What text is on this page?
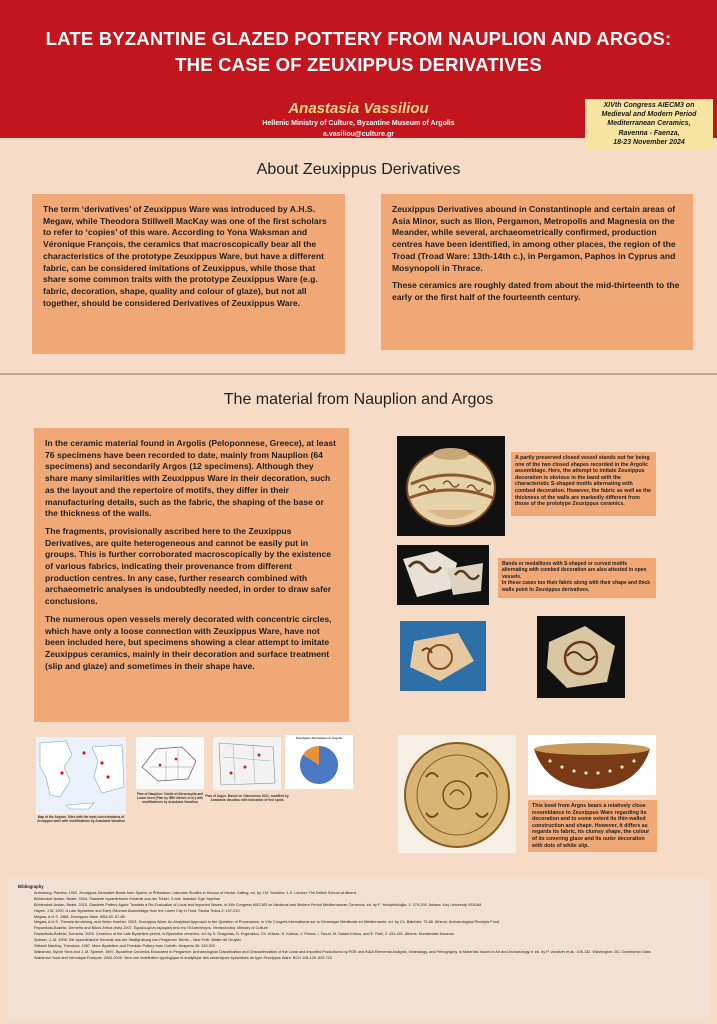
LATE BYZANTINE GLAZED POTTERY FROM NAUPLION AND ARGOS:
THE CASE OF ZEUXIPPUS DERIVATIVES
Anastasia Vassiliou
Hellenic Ministry of Culture, Byzantine Museum of Argolis
a.vasiliou@culture.gr
XIVth Congress AIECM3 on
Medieval and Modern Period
Mediterranean Ceramics,
Ravenna - Faenza,
18-23 November 2024
About Zeuxippus Derivatives

The term ‘derivatives’ of Zeuxippus Ware was introduced by A.H.S. Megaw, while Theodora Stillwell MacKay was one of the first scholars to refer to ‘copies’ of this ware. According to Yona Waksman and Véronique François, the ceramics that macroscopically bear all the characteristics of the prototype Zeuxippus Ware, but have a different fabric, can be considered imitations of Zeuxippus, while those that share some common traits with the prototype Zeuxippus Ware (e.g. fabric, decoration, shape, quality and colour of glaze), but not all together, should be considered Derivatives of Zeuxippus Ware.

Zeuxippus Derivatives abound in Constantinople and certain areas of Asia Minor, such as Ilion, Pergamon, Metropolis and Magnesia on the Meander, while several, archaeometrically confirmed, production centres have been identified, in among other places, the region of the Troad (Troad Ware: 13th-14th c.), in Pergamon, Paphos in Cyprus and Mosynopoli in Thrace.

These ceramics are roughly dated from about the mid-thirteenth to the early or the first half of the fourteenth century.

The material from Nauplion and Argos

In the ceramic material found in Argolis (Peloponnese, Greece), at least 76 specimens have been recorded to date, mainly from Nauplion (64 specimens) and secondarily Argos (12 specimens). Although they share many similarities with Zeuxippus Ware in their decoration, such as the layout and the repertoire of motifs, they differ in their manufacturing details, such as the fabric, the shaping of the base or the thickness of the walls.

The fragments, provisionally ascribed here to the Zeuxippus Derivatives, are quite heterogeneous and cannot be easily put in groups. This is further corroborated macroscopically by the existence of various fabrics, indicating their provenance from different production centres. In any case, further research combined with archaeometric analyses is undoubtedly needed, in order to draw safer conclusions.

The numerous open vessels merely decorated with concentric circles, which have only a loose connection with Zeuxippus Ware, have not been included here, but specimens showing a clear attempt to imitate Zeuxippus ceramics, mainly in their decoration and surface treatment (slip and glaze) and sometimes in their shape have.

A partly preserved closed vessel stands out for being one of the two closed shapes recorded in the Argolic assemblage. Here, the attempt to imitate Zeuxippus decoration is obvious in the band with the characteristic S-shaped motifs alternating with combed decoration. However, the fabric as well as the thickness of the walls are markedly different from those of the prototype Zeuxippus ceramics.
Bands or medallions with S-shaped or curved motifs alternating with combed decoration are also attested in open vessels.
In these cases too their fabric along with their shape and thick walls point to Zeuxippus derivatives.
Map of the Aegean. Sites with the main concentrations of Zeuxippus ware with modifications by Anastasia Vassiliou
Plan of Nauplion: Castle of Akronauplia and Lower town (Plan by IBM Ulbrich et al.) with modifications by Anastasia Vassiliou
Plan of Argos: Based on Oikonomou 2021; modified by Anastasia Vassiliou with indication of find spots
Zeuxippus Derivatives in Argolis
This bowl from Argos bears a relatively close resemblance to Zeuxippus Ware regarding its decoration and to some extent its thin-walled construction and shape. However, it differs as regards its fabric, its clumsy shape, the colour of its covering glaze and its outer decoration with dots of white slip.
Bibliography
> Armstrong, Pamela. 1992. Zeuxippus Derivative Bowls from Sparta, in Philolakon: Lakonian Studies in Honour of Hector Catling, ed. by J.M. Sanders: 1-9. London: The British School at Athens
> Böhlendorf-Arslan, Beate. 2004. Glasierte byzantinische Keramik aus der Türkei, 3 vols. Istanbul: Ege Yayinlari
> Böhlendorf-Arslan, Beate. 2015. Glasierte Pottery Again: Towards a Re-Evaluation of Local and Imported Wares, in XIth Congress AIECM3 on Medieval and Modern Period Mediterranean Ceramics, ed. by F. Yenişehirlioğlu: 1: 279-295. Ankara: Koç University VEKAM
> Hayes, J.W. 1992. A Late Byzantine and Early Ottoman Assemblage from the Lower City in Troia. Studia Troica 2: 197-210
> Megaw, A.H.S. 1968. Zeuxippus Ware. BSA 63: 67-88.
> Megaw, A.H.S., Pamela Armstrong, and Helen Hatcher. 2003. Zeuxippus Ware: An Analytical Approach to the Question of Provenance, in VIIe Congrès International sur la Céramique Médiévale en Méditerranée, ed. by Ch. Bakirtzis: 75-86. Athens: Archaeological Receipts Fund
> Papanikola-Bakirtzi, Demetra and Nikos Zekos (eds) 2007. Εφυαλωμένη κεραμική από την Πελοπόννησο. Θεσσαλονίκη: Ministry of Culture
> Papanikola-Bakirtzi, Demetra. 2009. Ceramics of the Late Byzantine period, in Byzantine ceramics, ed. by S. Dragonas, D. Evgenidou, Ch. Kritzas, N. Kalesa, V. Penna, I. Tsouri, M. Galani-Krikou, and E. Ralli, 2: 431-441. Athens: Numismatic Museum
> Spieser, J.-M. 1996. Die byzantinische Keramik aus der Stadtgrabung von Pergamon. Berlin – New York: Walter de Gruyter
> Stillwell MacKay, Theodora. 1967. More Byzantine and Frankish Pottery from Corinth. Hesperia 36: 249-320
> Waksman, Sylvie Yona and J.-M. Spieser. 1997. Byzantine Ceramics Excavated in Pergamon: Archaeological Classification and Characterization of the Local and Imported Productions by PGE and INAA Elemental Analysis, Mineralogy, and Petrography, in Materials Issues in Art and Archaeology V, ed. by P. Vandiver et al.: 105-132. Washington, DC: Dumbarton Oaks
> Waksman Yona and Véronique François. 2004-2005. Vers une redéfinition typologique et analytique des céramiques byzantines du type Zeuxippus Ware. BCH 128-129: 629-724
